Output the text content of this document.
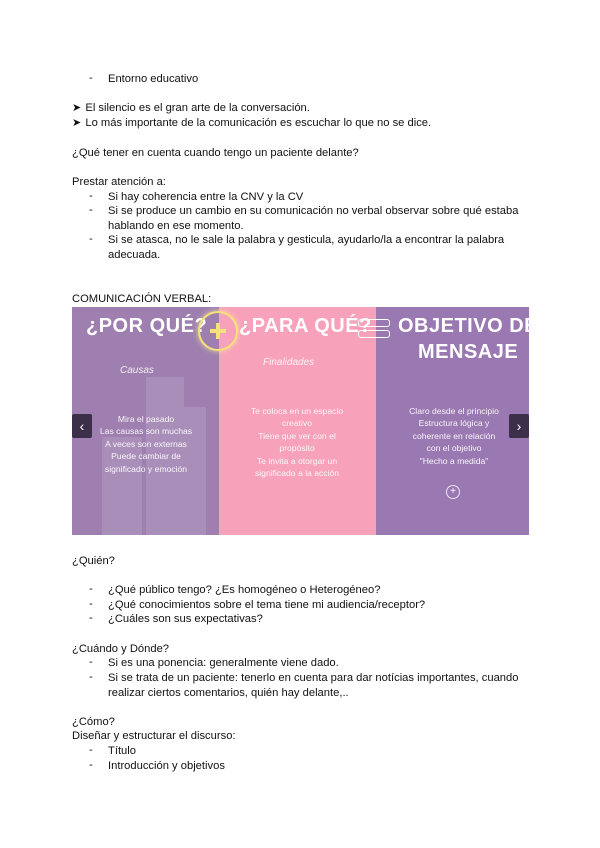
- Entorno educativo
➤ El silencio es el gran arte de la conversación.
➤ Lo más importante de la comunicación es escuchar lo que no se dice.
¿Qué tener en cuenta cuando tengo un paciente delante?
Prestar atención a:
- Si hay coherencia entre la CNV y la CV
- Si se produce un cambio en su comunicación no verbal observar sobre qué estaba
hablando en ese momento.
- Si se atasca, no le sale la palabra y gesticula, ayudarlo/la a encontrar la palabra
adecuada.
COMUNICACIÓN VERBAL:
¿POR QUÉ?
Causas
Mira el pasado
Las causas son muchas
A veces son externas
Puede cambiar de
significado y emoción
¿PARA QUÉ?
Finalidades
Te coloca en un espacio
creativo
Tiene que ver con el
propósito
Te invita a otorgar un
significado a la acción
OBJETIVO DEL
MENSAJE
Claro desde el principio
Estructura lógica y
coherente en relación
con el objetivo
"Hecho a medida"
+
‹	›
¿Quién?
- ¿Qué público tengo? ¿Es homogéneo o Heterogéneo?
- ¿Qué conocimientos sobre el tema tiene mi audiencia/receptor?
- ¿Cuáles son sus expectativas?
¿Cuándo y Dónde?
- Si es una ponencia: generalmente viene dado.
- Si se trata de un paciente: tenerlo en cuenta para dar notícias importantes, cuando
realizar ciertos comentarios, quién hay delante,..
¿Cómo?
Diseñar y estructurar el discurso:
- Título
- Introducción y objetivos
